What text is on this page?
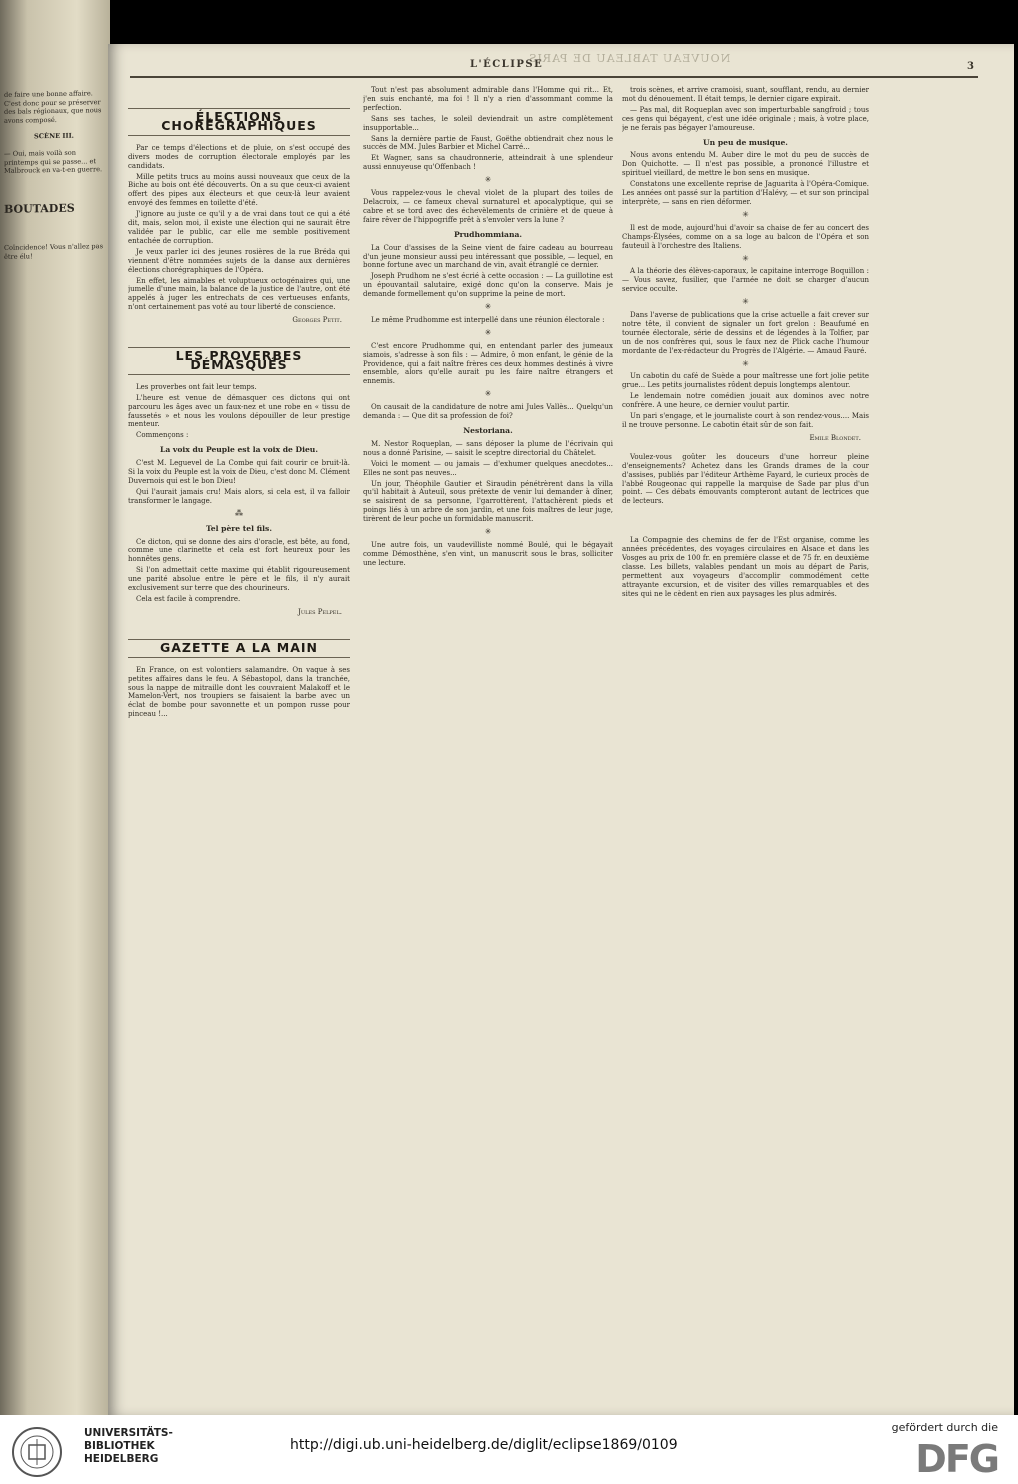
de faire une bonne affaire. C'est donc pour se préserver des bals régionaux, que nous avons composé.

SCÈNE III.

— Oui, mais voilà son printemps qui se passe... et Malbrouck en va-t-en guerre.

BOUTADES

Coïncidence! Vous n'allez pas être élu!

NOUVEAU TABLEAU DE PARIS
L'ÉCLIPSE	3
ÉLECTIONS CHORÉGRAPHIQUES

Par ce temps d'élections et de pluie, on s'est occupé des divers modes de corruption électorale employés par les candidats.

Mille petits trucs au moins aussi nouveaux que ceux de la Biche au bois ont été découverts. On a su que ceux-ci avaient offert des pipes aux électeurs et que ceux-là leur avaient envoyé des femmes en toilette d'été.

J'ignore au juste ce qu'il y a de vrai dans tout ce qui a été dit, mais, selon moi, il existe une élection qui ne saurait être validée par le public, car elle me semble positivement entachée de corruption.

Je veux parler ici des jeunes rosières de la rue Bréda qui viennent d'être nommées sujets de la danse aux dernières élections chorégraphiques de l'Opéra.

En effet, les aimables et voluptueux octogénaires qui, une jumelle d'une main, la balance de la justice de l'autre, ont été appelés à juger les entrechats de ces vertueuses enfants, n'ont certainement pas voté au tour liberté de conscience.

Georges Petit.
LES PROVERBES DÉMASQUÉS

Les proverbes ont fait leur temps.

L'heure est venue de démasquer ces dictons qui ont parcouru les âges avec un faux-nez et une robe en « tissu de faussetés » et nous les voulons dépouiller de leur prestige menteur.

Commençons :

La voix du Peuple est la voix de Dieu.

C'est M. Leguevel de La Combe qui fait courir ce bruit-là. Si la voix du Peuple est la voix de Dieu, c'est donc M. Clément Duvernois qui est le bon Dieu!

Qui l'aurait jamais cru! Mais alors, si cela est, il va falloir transformer le langage.

⁂
Tel père tel fils.

Ce dicton, qui se donne des airs d'oracle, est bête, au fond, comme une clarinette et cela est fort heureux pour les honnêtes gens.

Si l'on admettait cette maxime qui établit rigoureusement une parité absolue entre le père et le fils, il n'y aurait exclusivement sur terre que des chourineurs.

Cela est facile à comprendre.

Jules Pelpel.
GAZETTE A LA MAIN

En France, on est volontiers salamandre. On vaque à ses petites affaires dans le feu. A Sébastopol, dans la tranchée, sous la nappe de mitraille dont les couvraient Malakoff et le Mamelon-Vert, nos troupiers se faisaient la barbe avec un éclat de bombe pour savonnette et un pompon russe pour pinceau !...

Tout n'est pas absolument admirable dans l'Homme qui rit... Et, j'en suis enchanté, ma foi ! Il n'y a rien d'assommant comme la perfection.

Sans ses taches, le soleil deviendrait un astre complètement insupportable...

Sans la dernière partie de Faust, Goëthe obtiendrait chez nous le succès de MM. Jules Barbier et Michel Carré...

Et Wagner, sans sa chaudronnerie, atteindrait à une splendeur aussi ennuyeuse qu'Offenbach !

✳

Vous rappelez-vous le cheval violet de la plupart des toiles de Delacroix, — ce fameux cheval surnaturel et apocalyptique, qui se cabre et se tord avec des échevèlements de crinière et de queue à faire rêver de l'hippogriffe prêt à s'envoler vers la lune ?

Prudhommiana.

La Cour d'assises de la Seine vient de faire cadeau au bourreau d'un jeune monsieur aussi peu intéressant que possible, — lequel, en bonne fortune avec un marchand de vin, avait étranglé ce dernier.

Joseph Prudhom ne s'est écrié à cette occasion : — La guillotine est un épouvantail salutaire, exigé donc qu'on la conserve. Mais je demande formellement qu'on supprime la peine de mort.

✳

Le même Prudhomme est interpellé dans une réunion électorale :

✳

C'est encore Prudhomme qui, en entendant parler des jumeaux siamois, s'adresse à son fils : — Admire, ô mon enfant, le génie de la Providence, qui a fait naître frères ces deux hommes destinés à vivre ensemble, alors qu'elle aurait pu les faire naître étrangers et ennemis.

✳

On causait de la candidature de notre ami Jules Vallès... Quelqu'un demanda : — Que dit sa profession de foi?

Nestoriana.

M. Nestor Roqueplan, — sans déposer la plume de l'écrivain qui nous a donné Parisine, — saisit le sceptre directorial du Châtelet.

Voici le moment — ou jamais — d'exhumer quelques anecdotes... Elles ne sont pas neuves...

Un jour, Théophile Gautier et Siraudin pénétrèrent dans la villa qu'il habitait à Auteuil, sous prétexte de venir lui demander à dîner, se saisirent de sa personne, l'garrottèrent, l'attachèrent pieds et poings liés à un arbre de son jardin, et une fois maîtres de leur juge, tirèrent de leur poche un formidable manuscrit.

✳

Une autre fois, un vaudevilliste nommé Boulé, qui le bégayait comme Démosthène, s'en vint, un manuscrit sous le bras, solliciter une lecture.

trois scènes, et arrive cramoisi, suant, soufflant, rendu, au dernier mot du dénouement. Il était temps, le dernier cigare expirait.

— Pas mal, dit Roqueplan avec son imperturbable sangfroid ; tous ces gens qui bégayent, c'est une idée originale ; mais, à votre place, je ne ferais pas bégayer l'amoureuse.

Un peu de musique.

Nous avons entendu M. Auber dire le mot du peu de succès de Don Quichotte. — Il n'est pas possible, a prononcé l'illustre et spirituel vieillard, de mettre le bon sens en musique.

Constatons une excellente reprise de Jaguarita à l'Opéra-Comique. Les années ont passé sur la partition d'Halévy, — et sur son principal interprète, — sans en rien déformer.

✳

Il est de mode, aujourd'hui d'avoir sa chaise de fer au concert des Champs-Élysées, comme on a sa loge au balcon de l'Opéra et son fauteuil à l'orchestre des Italiens.

✳

A la théorie des élèves-caporaux, le capitaine interroge Boquillon : — Vous savez, fusilier, que l'armée ne doit se charger d'aucun service occulte.

✳

Dans l'averse de publications que la crise actuelle a fait crever sur notre tête, il convient de signaler un fort grelon : Beaufumé en tournée électorale, série de dessins et de légendes à la Tolfier, par un de nos confrères qui, sous le faux nez de Plick cache l'humour mordante de l'ex-rédacteur du Progrès de l'Algérie. — Amaud Fauré.

✳

Un cabotin du café de Suède a pour maîtresse une fort jolie petite grue... Les petits journalistes rôdent depuis longtemps alentour.

Le lendemain notre comédien jouait aux dominos avec notre confrère. A une heure, ce dernier voulut partir.

Un pari s'engage, et le journaliste court à son rendez-vous.... Mais il ne trouve personne. Le cabotin était sûr de son fait.

Emile Blondet.

Voulez-vous goûter les douceurs d'une horreur pleine d'enseignements? Achetez dans les Grands drames de la cour d'assises, publiés par l'éditeur Arthème Fayard, le curieux procès de l'abbé Rougeonac qui rappelle la marquise de Sade par plus d'un point. — Ces débats émouvants compteront autant de lectrices que de lecteurs.

La Compagnie des chemins de fer de l'Est organise, comme les années précédentes, des voyages circulaires en Alsace et dans les Vosges au prix de 100 fr. en première classe et de 75 fr. en deuxième classe. Les billets, valables pendant un mois au départ de Paris, permettent aux voyageurs d'accomplir commodément cette attrayante excursion, et de visiter des villes remarquables et des sites qui ne le cèdent en rien aux paysages les plus admirés.

UNIVERSITÄTS-
BIBLIOTHEK
HEIDELBERG
http://digi.ub.uni-heidelberg.de/diglit/eclipse1869/0109
gefördert durch die
DFG
